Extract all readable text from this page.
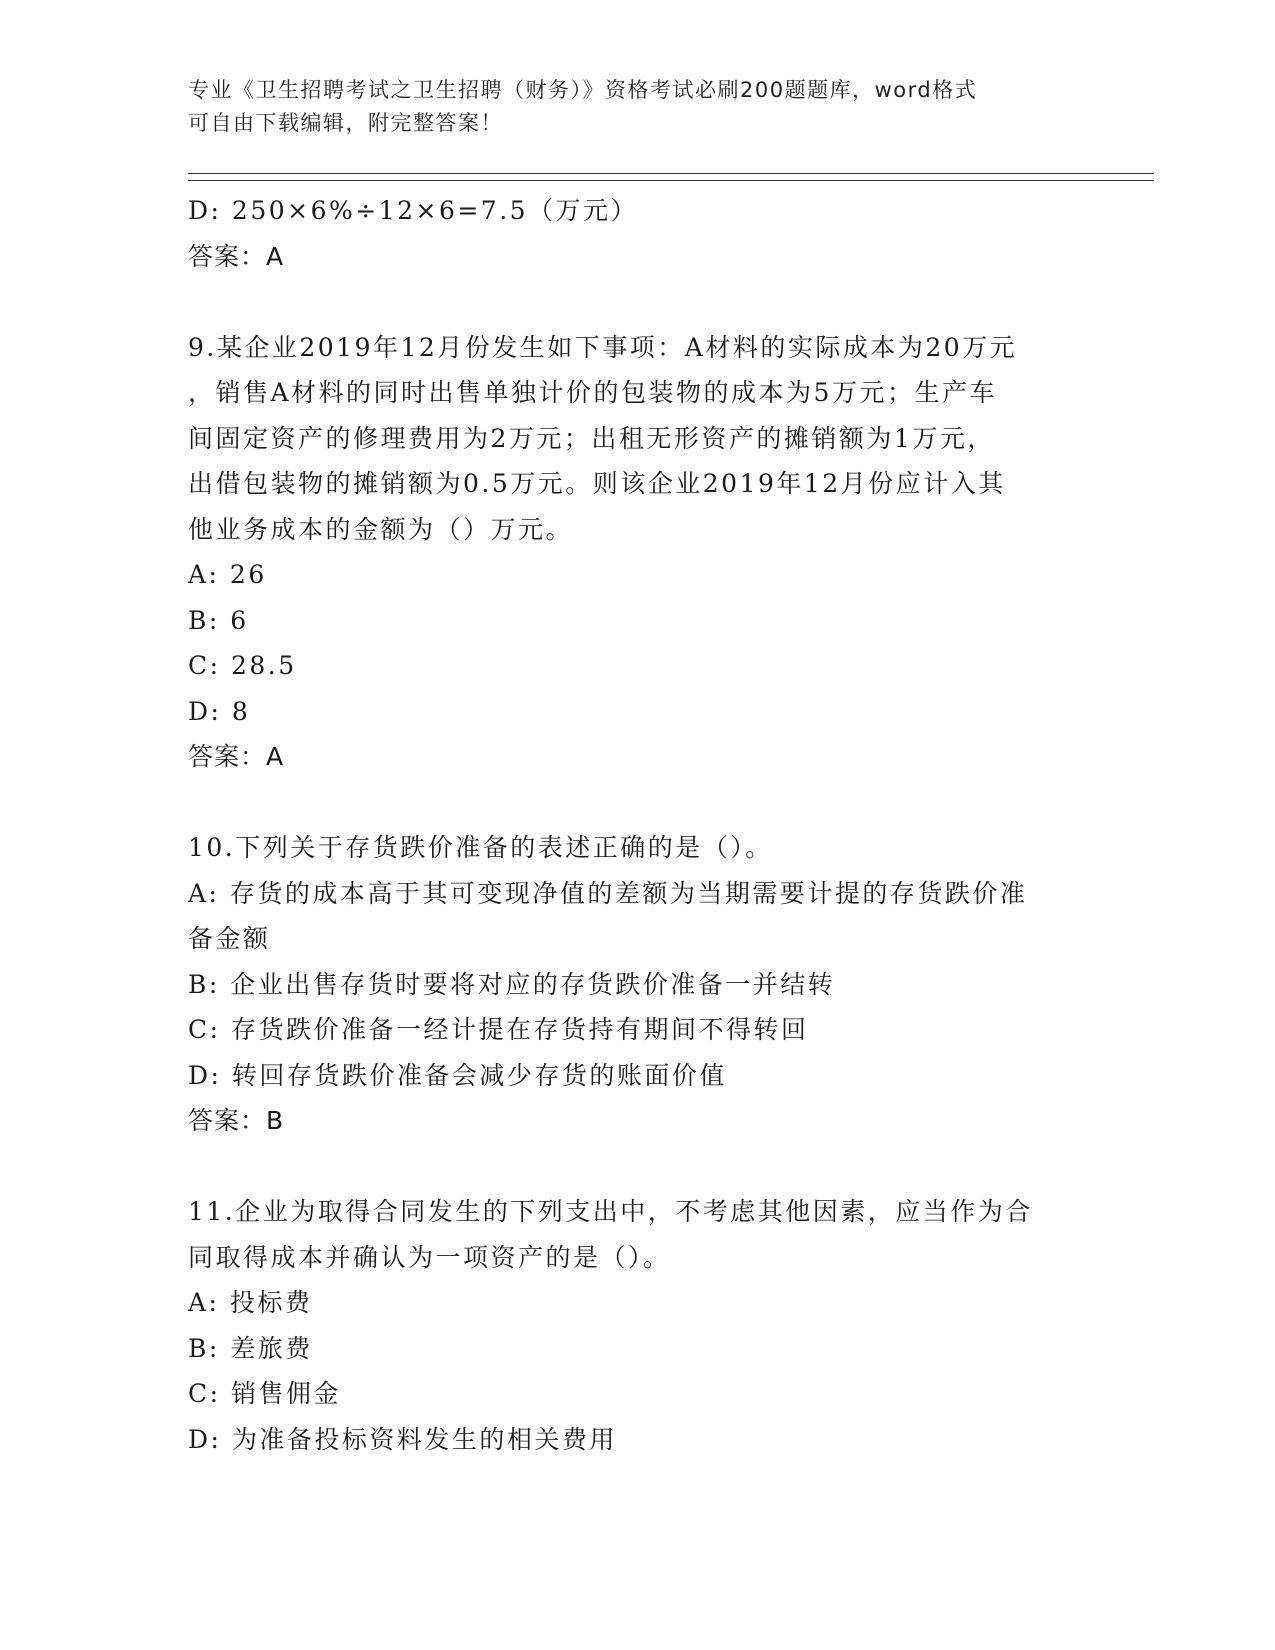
专业《卫生招聘考试之卫生招聘（财务）》资格考试必刷200题题库，word格式
可自由下载编辑，附完整答案！
D: 250×6%÷12×6=7.5（万元）
答案：A
9.某企业2019年12月份发生如下事项：A材料的实际成本为20万元
，销售A材料的同时出售单独计价的包装物的成本为5万元；生产车
间固定资产的修理费用为2万元；出租无形资产的摊销额为1万元，
出借包装物的摊销额为0.5万元。则该企业2019年12月份应计入其
他业务成本的金额为（）万元。
A: 26
B: 6
C: 28.5
D: 8
答案：A
10.下列关于存货跌价准备的表述正确的是（）。
A: 存货的成本高于其可变现净值的差额为当期需要计提的存货跌价准
备金额
B: 企业出售存货时要将对应的存货跌价准备一并结转
C: 存货跌价准备一经计提在存货持有期间不得转回
D: 转回存货跌价准备会减少存货的账面价值
答案：B
11.企业为取得合同发生的下列支出中，不考虑其他因素，应当作为合
同取得成本并确认为一项资产的是（）。
A: 投标费
B: 差旅费
C: 销售佣金
D: 为准备投标资料发生的相关费用
